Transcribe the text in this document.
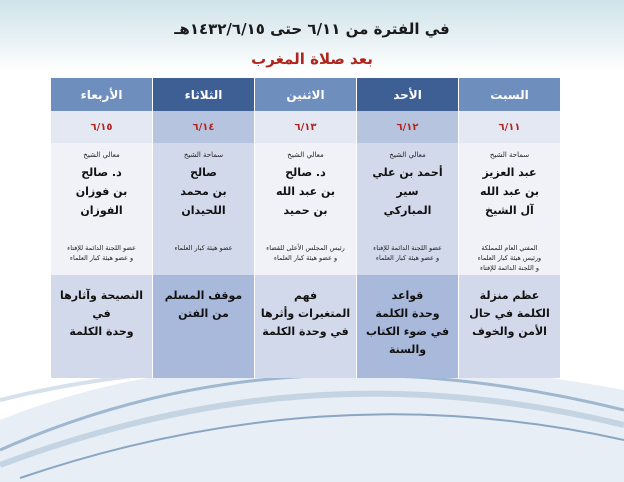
في الفترة من ٦/١١ حتى ١٤٣٢/٦/١٥هـ
بعد صلاة المغرب
السبت
٦/١١
سماحة الشيخ
عبد العزيز
بن عبد الله
آل الشيخ
المفتي العام للمملكة
ورئيس هيئة كبار العلماء
و اللجنة الدائمة للإفتاء
عظم منزلة
الكلمة في حال
الأمن والخوف
الأحد
٦/١٢
معالي الشيخ
أحمد بن علي
سير
المباركي
عضو اللجنة الدائمة للإفتاء
و عضو هيئة كبار العلماء
قواعد
وحدة الكلمة
في ضوء الكتاب
والسنة
الاثنين
٦/١٣
معالي الشيخ
د. صالح
بن عبد الله
بن حميد
رئيس المجلس الأعلى للقضاء
و عضو هيئة كبار العلماء
فهم
المتغيرات وأثرها
في وحدة الكلمة
الثلاثاء
٦/١٤
سماحة الشيخ
صالح
بن محمد
اللحيدان
عضو هيئة كبار العلماء
موقف المسلم
من الفتن
الأربعاء
٦/١٥
معالي الشيخ
د. صالح
بن فوزان
الفوزان
عضو اللجنة الدائمة للإفتاء
و عضو هيئة كبار العلماء
النصيحة وآثارها
في
وحدة الكلمة
